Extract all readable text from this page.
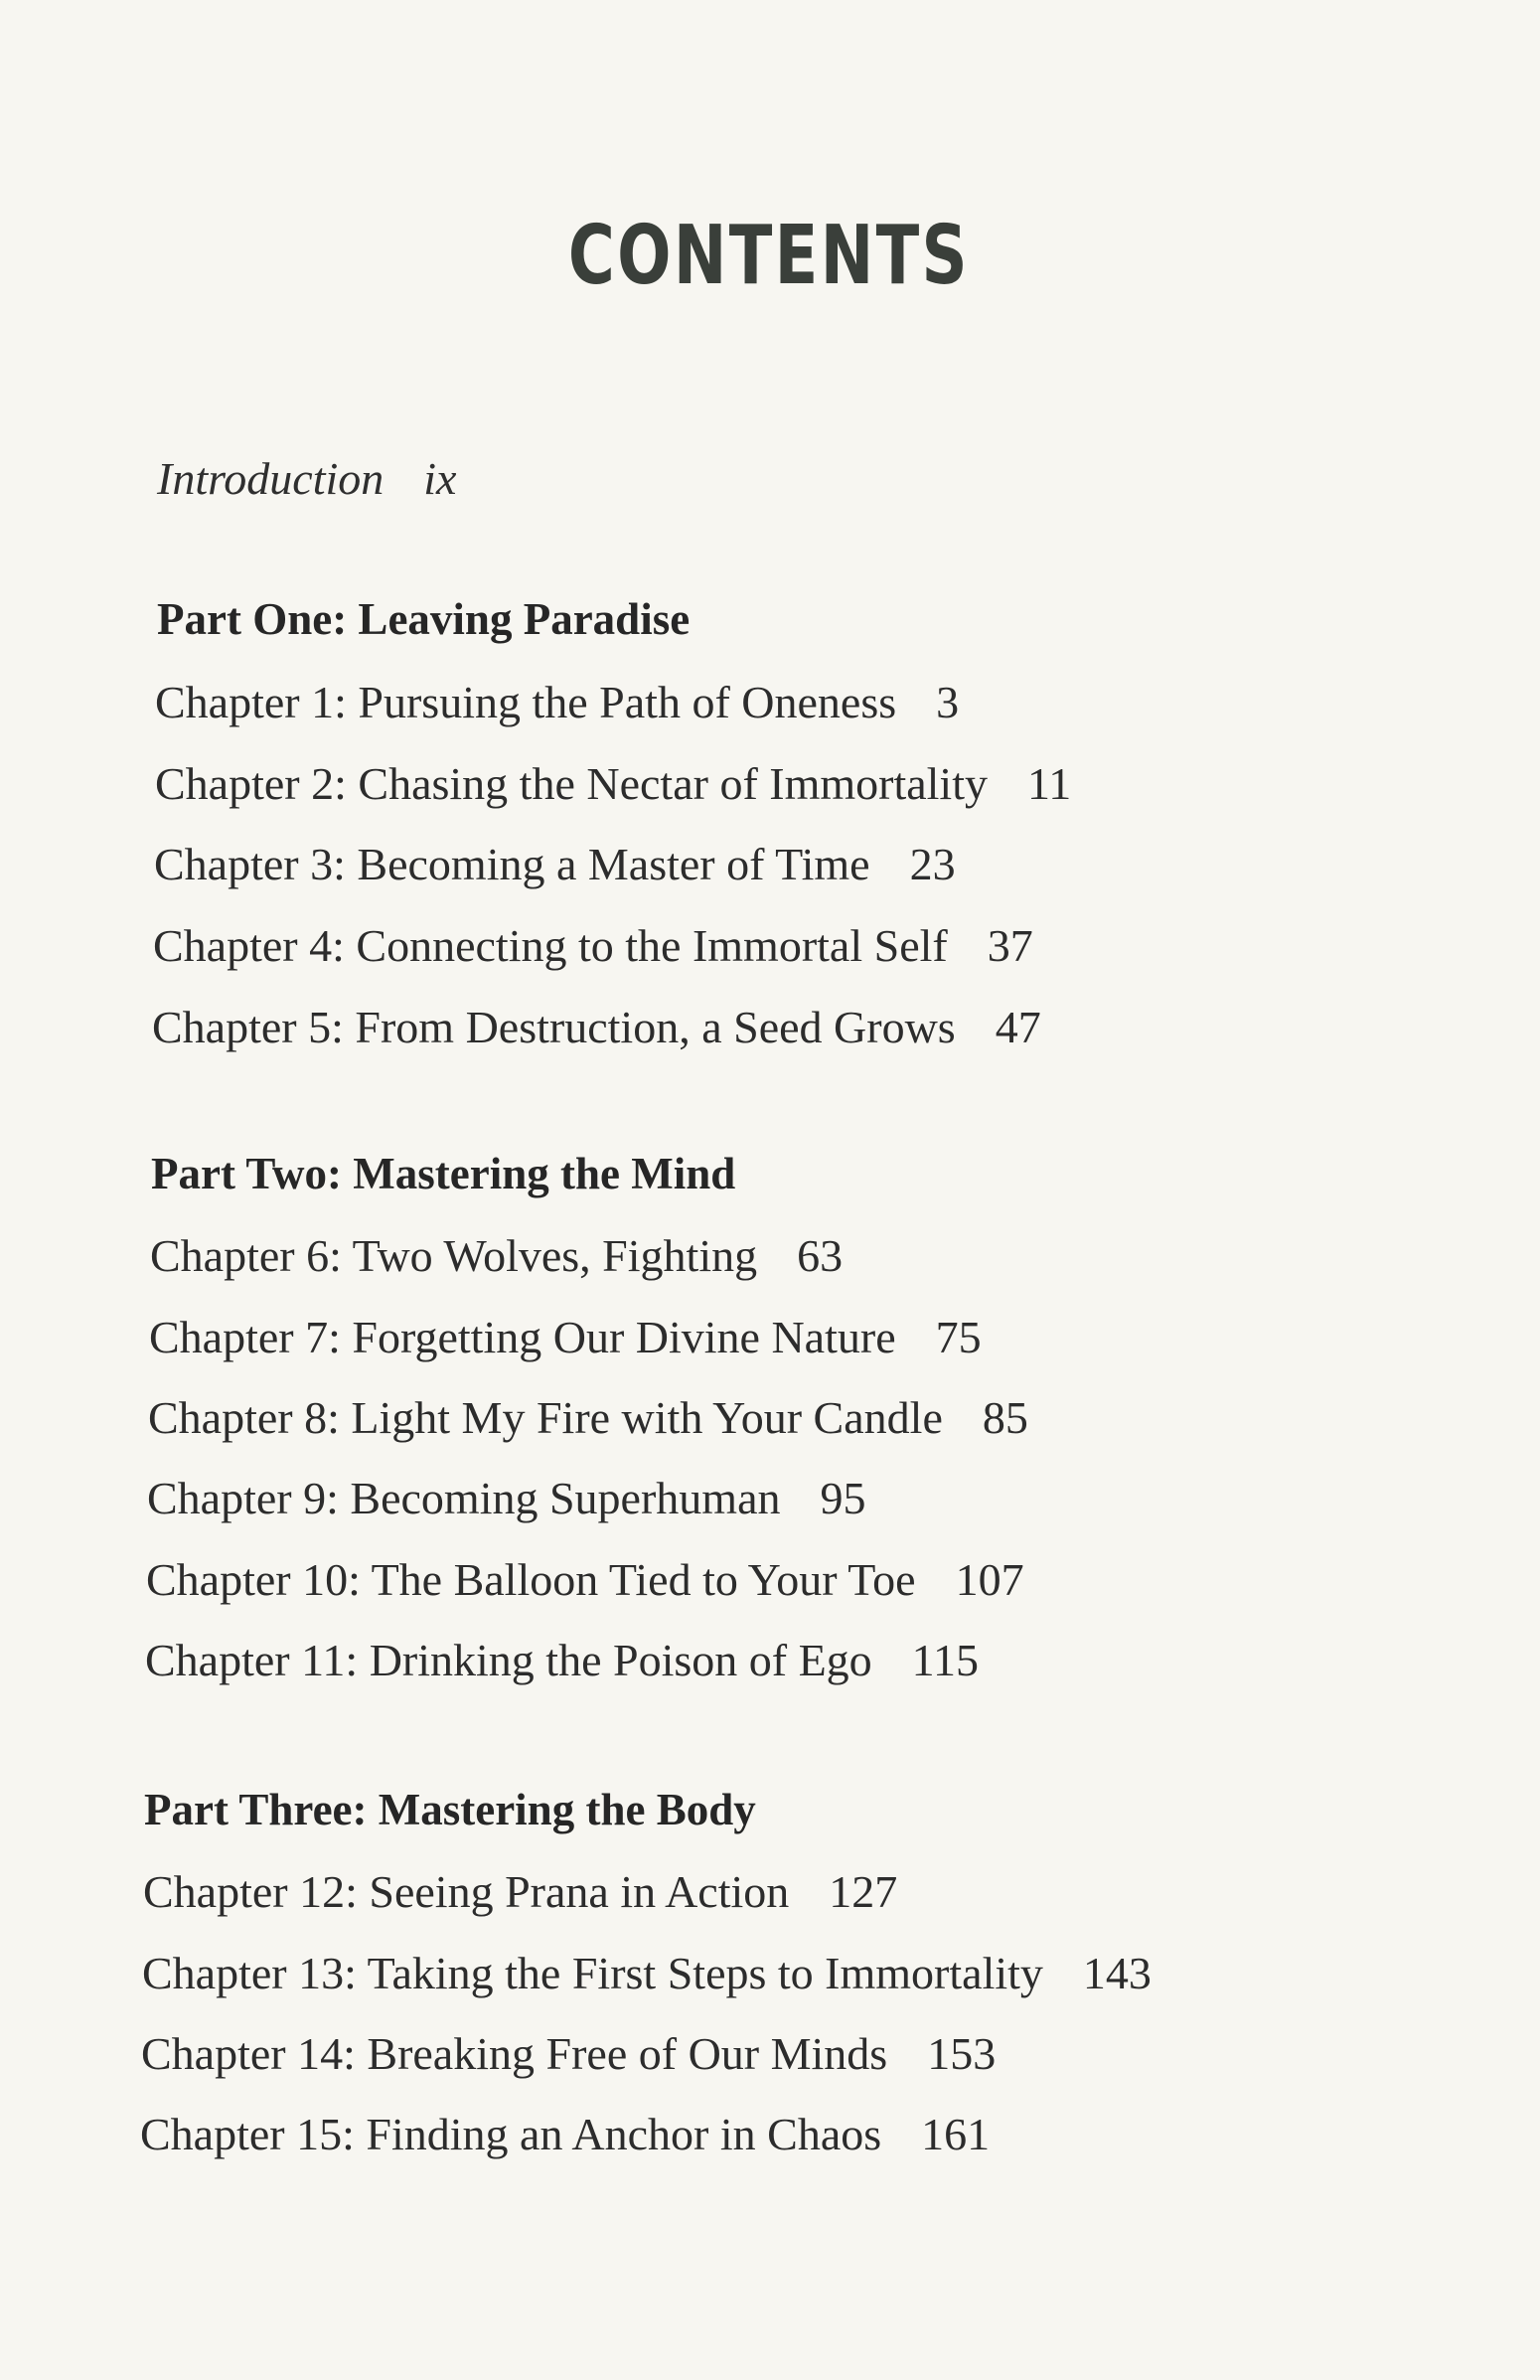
CONTENTS
Introduction ix
Part One: Leaving Paradise
Chapter 1: Pursuing the Path of Oneness 3
Chapter 2: Chasing the Nectar of Immortality 11
Chapter 3: Becoming a Master of Time 23
Chapter 4: Connecting to the Immortal Self 37
Chapter 5: From Destruction, a Seed Grows 47
Part Two: Mastering the Mind
Chapter 6: Two Wolves, Fighting 63
Chapter 7: Forgetting Our Divine Nature 75
Chapter 8: Light My Fire with Your Candle 85
Chapter 9: Becoming Superhuman 95
Chapter 10: The Balloon Tied to Your Toe 107
Chapter 11: Drinking the Poison of Ego 115
Part Three: Mastering the Body
Chapter 12: Seeing Prana in Action 127
Chapter 13: Taking the First Steps to Immortality 143
Chapter 14: Breaking Free of Our Minds 153
Chapter 15: Finding an Anchor in Chaos 161
